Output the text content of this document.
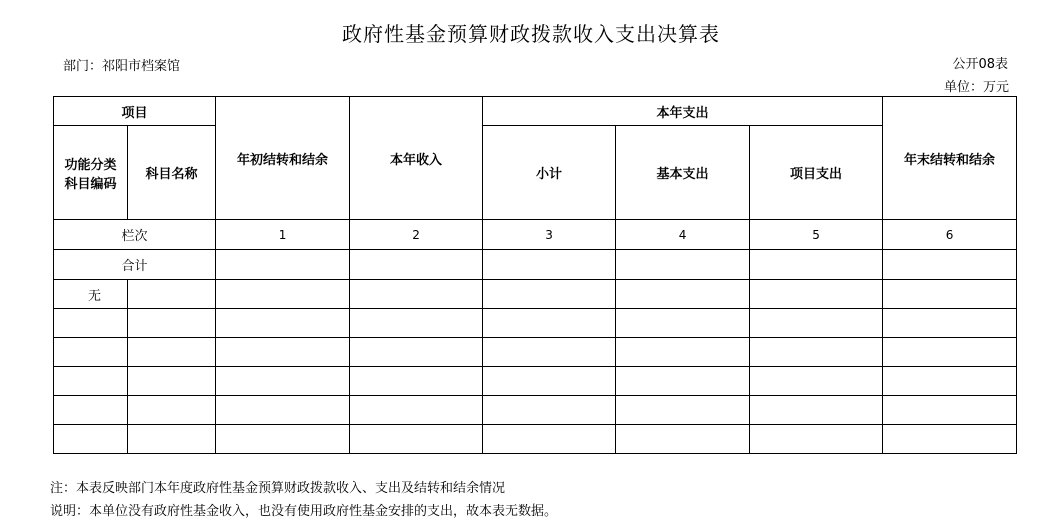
政府性基金预算财政拨款收入支出决算表
部门：祁阳市档案馆	公开08表
单位：万元
项目		年初结转和结余	本年收入	本年支出			年末结转和结余
功能分类科目编码	科目名称			小计	基本支出	项目支出	
栏次		1	2	3	4	5	6
合计							
无							

注：本表反映部门本年度政府性基金预算财政拨款收入、支出及结转和结余情况
说明：本单位没有政府性基金收入，也没有使用政府性基金安排的支出，故本表无数据。
